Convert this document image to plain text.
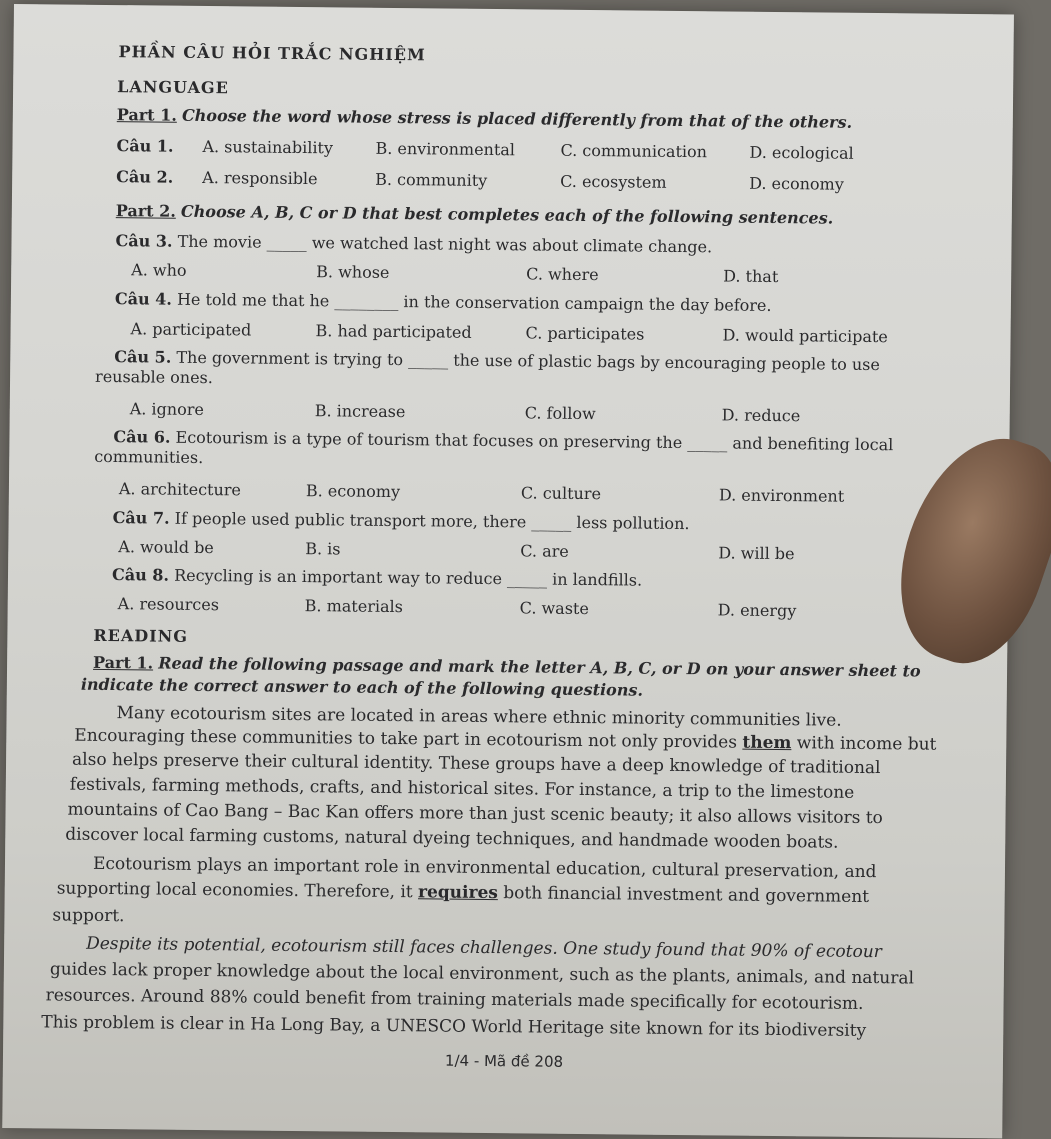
PHẦN CÂU HỎI TRẮC NGHIỆM
LANGUAGE
Part 1. Choose the word whose stress is placed differently from that of the others.
Câu 1. A. sustainability	B. environmental	C. communication	D. ecological
Câu 2. A. responsible	B. community	C. ecosystem	D. economy
Part 2. Choose A, B, C or D that best completes each of the following sentences.
Câu 3. The movie _____ we watched last night was about climate change.
A. who	B. whose	C. where	D. that
Câu 4. He told me that he ________ in the conservation campaign the day before.
A. participated	B. had participated	C. participates	D. would participate
Câu 5. The government is trying to _____ the use of plastic bags by encouraging people to use
reusable ones.
A. ignore	B. increase	C. follow	D. reduce
Câu 6. Ecotourism is a type of tourism that focuses on preserving the _____ and benefiting local
communities.
A. architecture	B. economy	C. culture	D. environment
Câu 7. If people used public transport more, there _____ less pollution.
A. would be	B. is	C. are	D. will be
Câu 8. Recycling is an important way to reduce _____ in landfills.
A. resources	B. materials	C. waste	D. energy
READING
Part 1. Read the following passage and mark the letter A, B, C, or D on your answer sheet to
indicate the correct answer to each of the following questions.
Many ecotourism sites are located in areas where ethnic minority communities live.
Encouraging these communities to take part in ecotourism not only provides them with income but
also helps preserve their cultural identity. These groups have a deep knowledge of traditional
festivals, farming methods, crafts, and historical sites. For instance, a trip to the limestone
mountains of Cao Bang – Bac Kan offers more than just scenic beauty; it also allows visitors to
discover local farming customs, natural dyeing techniques, and handmade wooden boats.
Ecotourism plays an important role in environmental education, cultural preservation, and
supporting local economies. Therefore, it requires both financial investment and government
support.
Despite its potential, ecotourism still faces challenges. One study found that 90% of ecotour
guides lack proper knowledge about the local environment, such as the plants, animals, and natural
resources. Around 88% could benefit from training materials made specifically for ecotourism.
This problem is clear in Ha Long Bay, a UNESCO World Heritage site known for its biodiversity
1/4 - Mã đề 208
